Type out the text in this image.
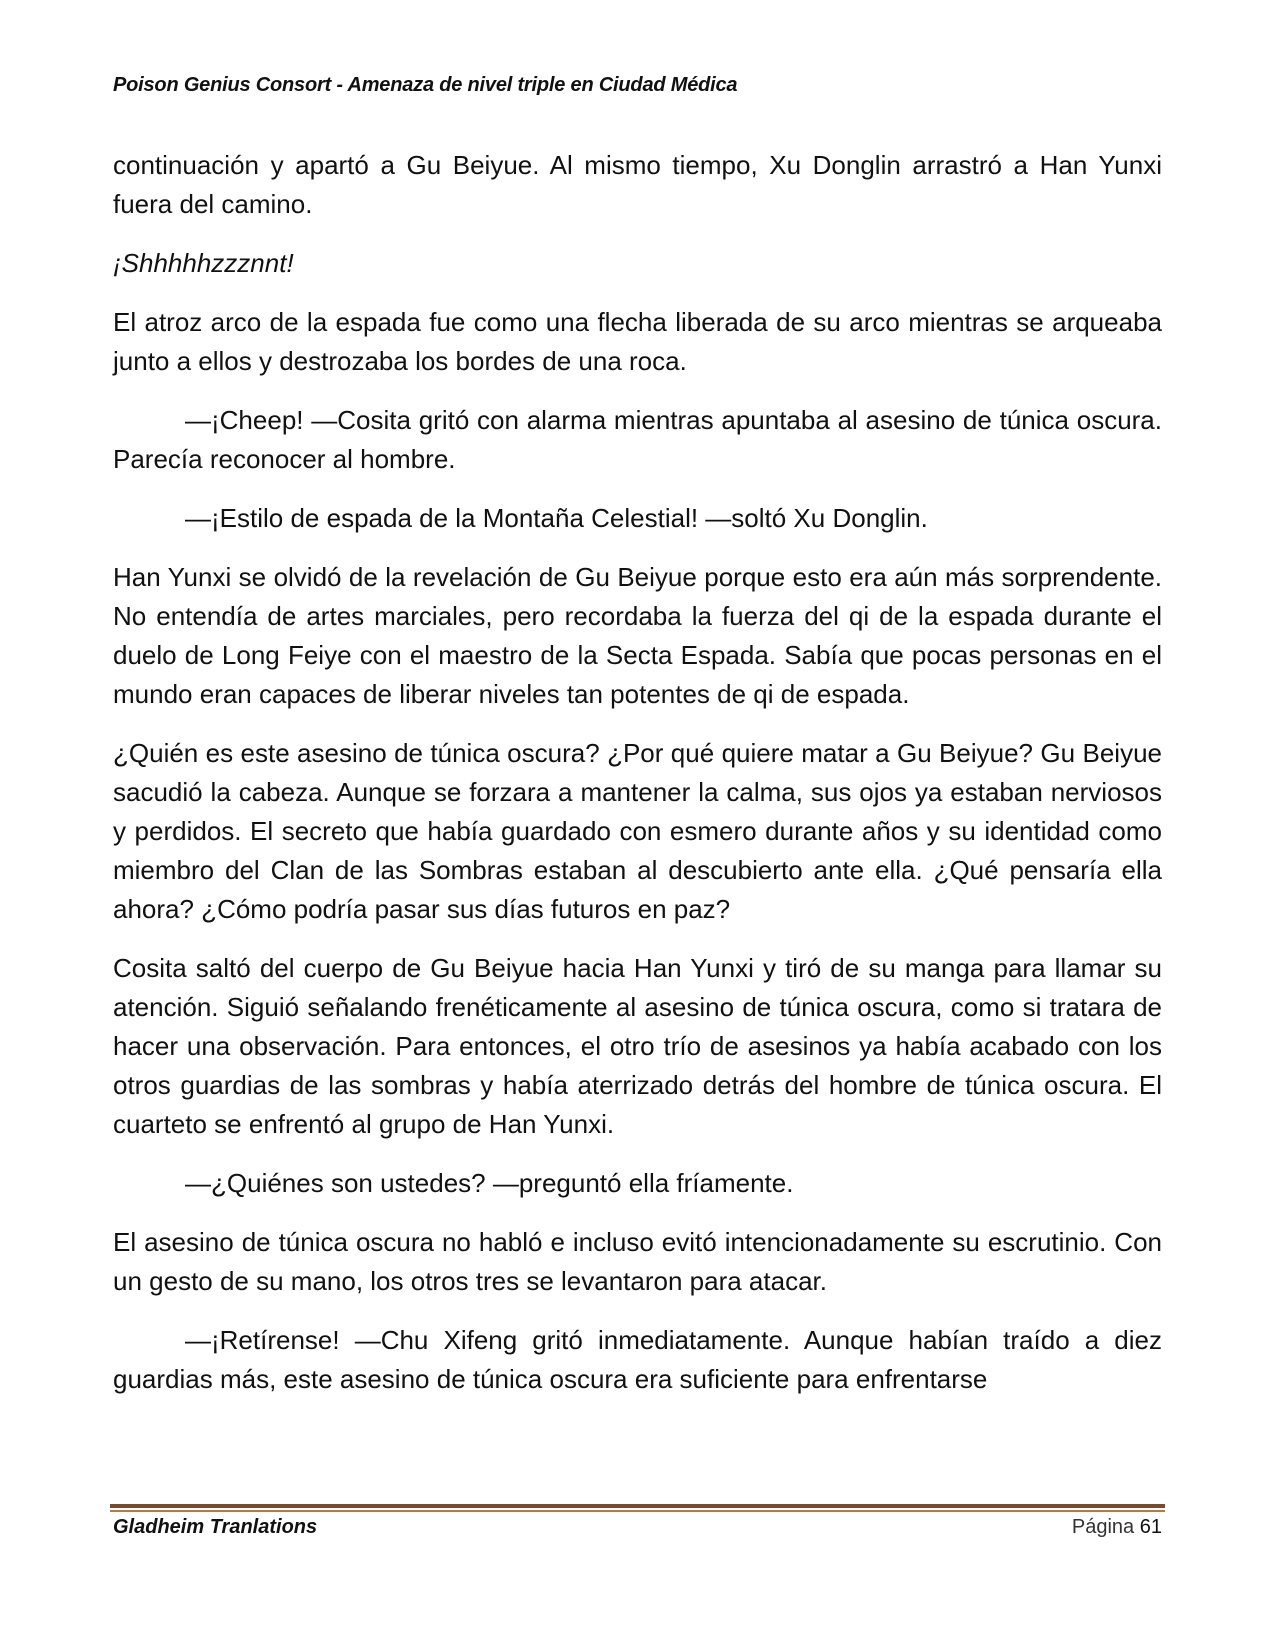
Poison Genius Consort - Amenaza de nivel triple en Ciudad Médica

continuación y apartó a Gu Beiyue. Al mismo tiempo, Xu Donglin arrastró a Han Yunxi fuera del camino.

¡Shhhhhzzznnt!

El atroz arco de la espada fue como una flecha liberada de su arco mientras se arqueaba junto a ellos y destrozaba los bordes de una roca.

—¡Cheep! —Cosita gritó con alarma mientras apuntaba al asesino de túnica oscura. Parecía reconocer al hombre.

—¡Estilo de espada de la Montaña Celestial! —soltó Xu Donglin.

Han Yunxi se olvidó de la revelación de Gu Beiyue porque esto era aún más sorprendente. No entendía de artes marciales, pero recordaba la fuerza del qi de la espada durante el duelo de Long Feiye con el maestro de la Secta Espada. Sabía que pocas personas en el mundo eran capaces de liberar niveles tan potentes de qi de espada.

¿Quién es este asesino de túnica oscura? ¿Por qué quiere matar a Gu Beiyue? Gu Beiyue sacudió la cabeza. Aunque se forzara a mantener la calma, sus ojos ya estaban nerviosos y perdidos. El secreto que había guardado con esmero durante años y su identidad como miembro del Clan de las Sombras estaban al descubierto ante ella. ¿Qué pensaría ella ahora? ¿Cómo podría pasar sus días futuros en paz?

Cosita saltó del cuerpo de Gu Beiyue hacia Han Yunxi y tiró de su manga para llamar su atención. Siguió señalando frenéticamente al asesino de túnica oscura, como si tratara de hacer una observación. Para entonces, el otro trío de asesinos ya había acabado con los otros guardias de las sombras y había aterrizado detrás del hombre de túnica oscura. El cuarteto se enfrentó al grupo de Han Yunxi.

—¿Quiénes son ustedes? —preguntó ella fríamente.

El asesino de túnica oscura no habló e incluso evitó intencionadamente su escrutinio. Con un gesto de su mano, los otros tres se levantaron para atacar.

—¡Retírense! —Chu Xifeng gritó inmediatamente. Aunque habían traído a diez guardias más, este asesino de túnica oscura era suficiente para enfrentarse

Gladheim Tranlations	Página 61
